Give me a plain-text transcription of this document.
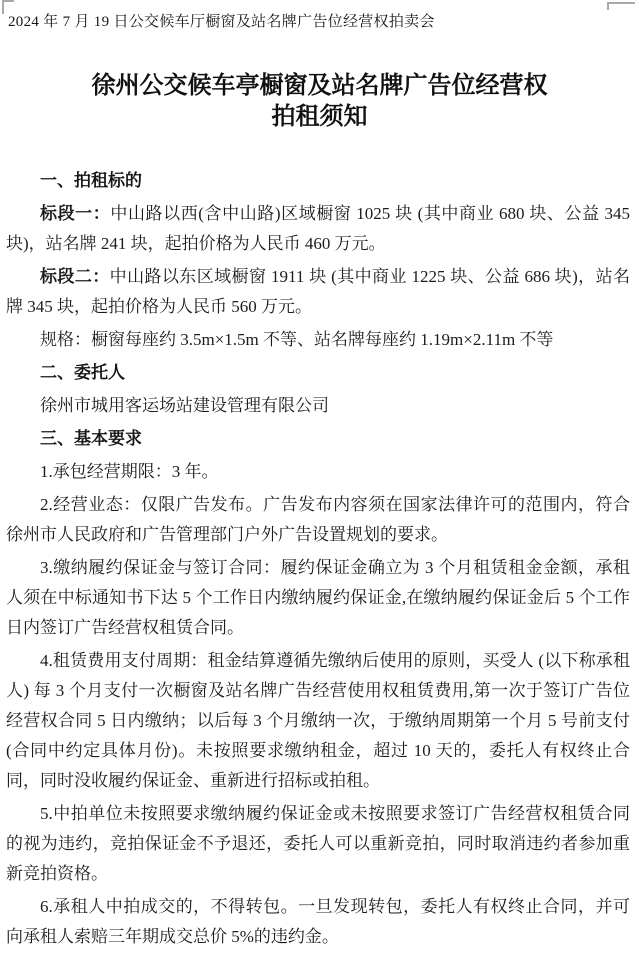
2024 年 7 月 19 日公交候车厅橱窗及站名牌广告位经营权拍卖会
徐州公交候车亭橱窗及站名牌广告位经营权
拍租须知

一、拍租标的

标段一：中山路以西(含中山路)区域橱窗 1025 块 (其中商业 680 块、公益 345 块)，站名牌 241 块，起拍价格为人民币 460 万元。

标段二：中山路以东区域橱窗 1911 块 (其中商业 1225 块、公益 686 块)，站名牌 345 块，起拍价格为人民币 560 万元。

规格：橱窗每座约 3.5m×1.5m 不等、站名牌每座约 1.19m×2.11m 不等

二、委托人

徐州市城用客运场站建设管理有限公司

三、基本要求

1.承包经营期限：3 年。

2.经营业态：仅限广告发布。广告发布内容须在国家法律许可的范围内，符合徐州市人民政府和广告管理部门户外广告设置规划的要求。

3.缴纳履约保证金与签订合同：履约保证金确立为 3 个月租赁租金金额，承租人须在中标通知书下达 5 个工作日内缴纳履约保证金,在缴纳履约保证金后 5 个工作日内签订广告经营权租赁合同。

4.租赁费用支付周期：租金结算遵循先缴纳后使用的原则，买受人 (以下称承租人) 每 3 个月支付一次橱窗及站名牌广告经营使用权租赁费用,第一次于签订广告位经营权合同 5 日内缴纳；以后每 3 个月缴纳一次，于缴纳周期第一个月 5 号前支付 (合同中约定具体月份)。未按照要求缴纳租金，超过 10 天的，委托人有权终止合同，同时没收履约保证金、重新进行招标或拍租。

5.中拍单位未按照要求缴纳履约保证金或未按照要求签订广告经营权租赁合同的视为违约，竞拍保证金不予退还，委托人可以重新竞拍，同时取消违约者参加重新竞拍资格。

6.承租人中拍成交的，不得转包。一旦发现转包，委托人有权终止合同，并可向承租人索赔三年期成交总价 5%的违约金。
